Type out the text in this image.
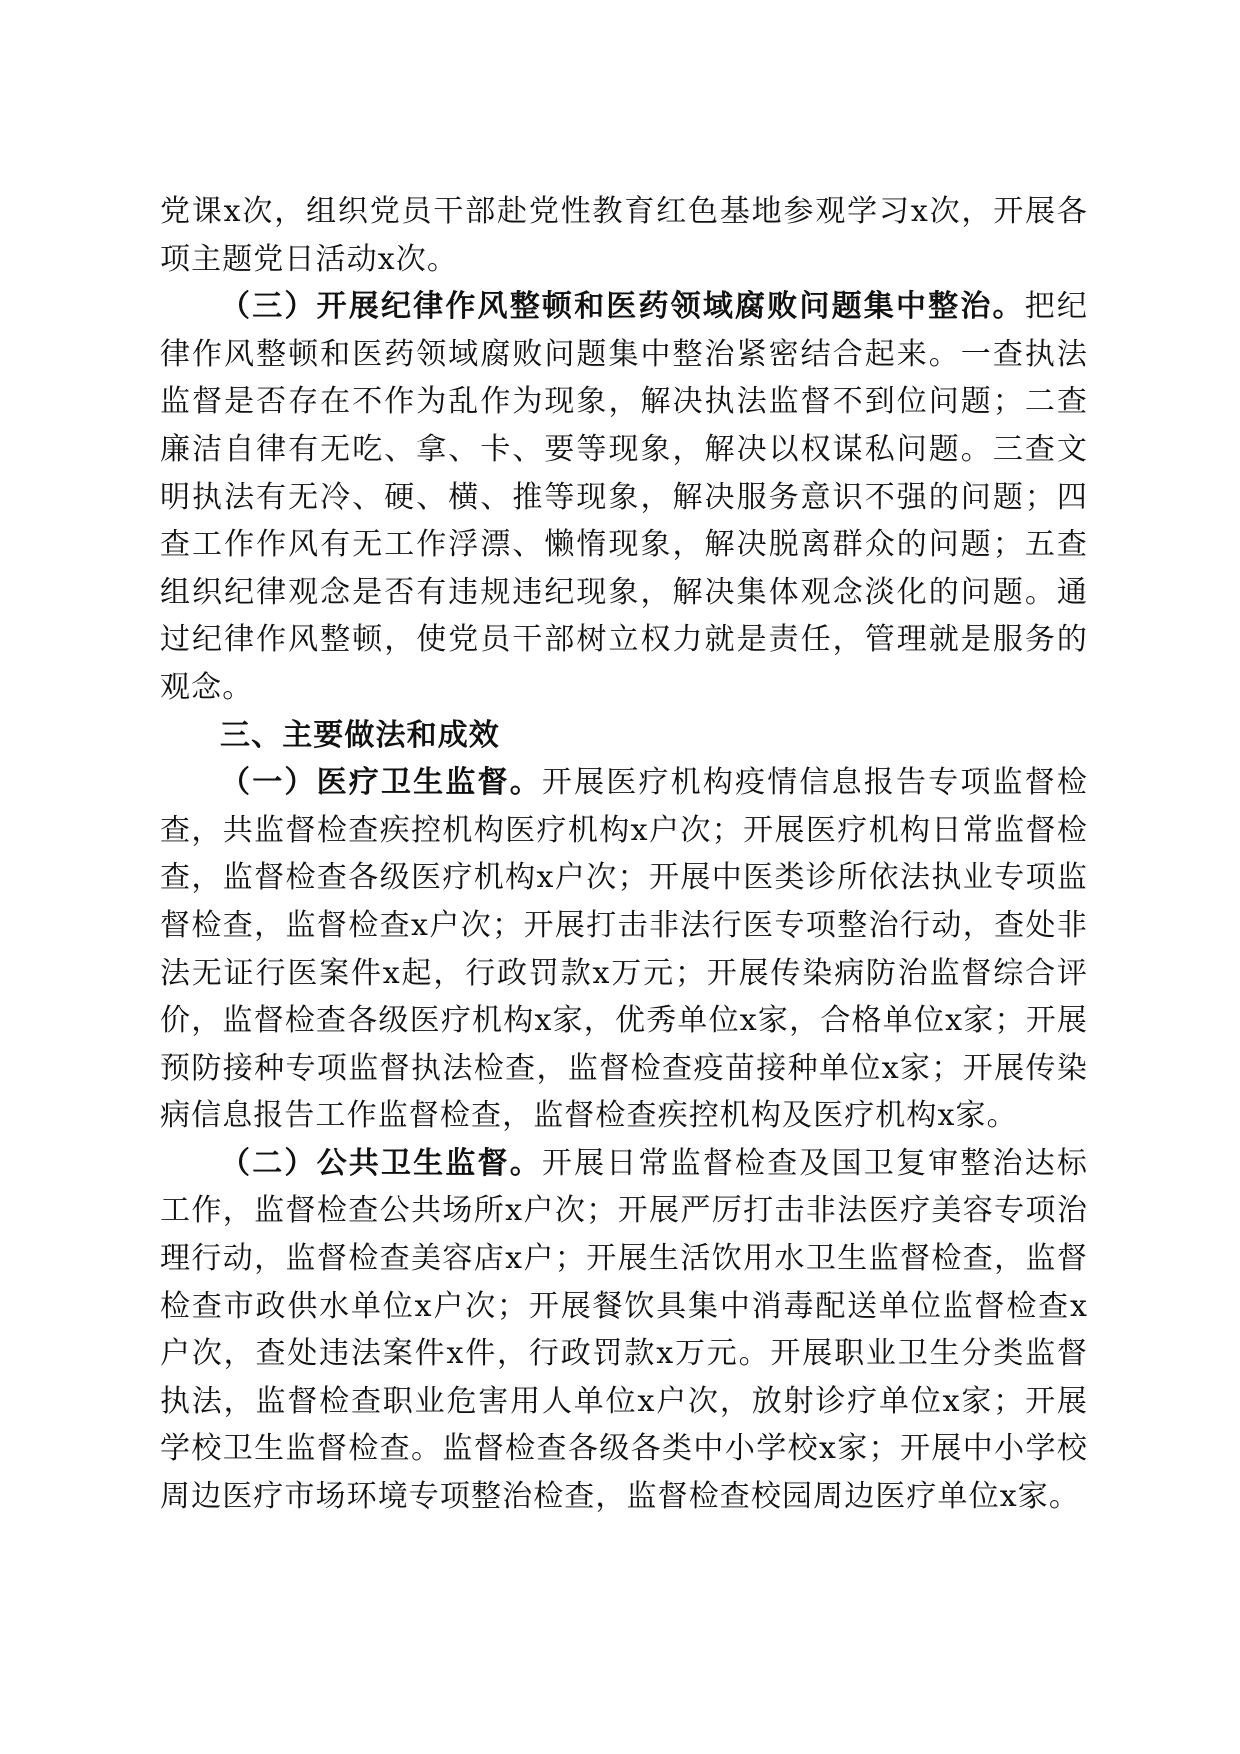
党课x次，组织党员干部赴党性教育红色基地参观学习x次，开展各项主题党日活动x次。

（三）开展纪律作风整顿和医药领域腐败问题集中整治。把纪律作风整顿和医药领域腐败问题集中整治紧密结合起来。一查执法监督是否存在不作为乱作为现象，解决执法监督不到位问题；二查廉洁自律有无吃、拿、卡、要等现象，解决以权谋私问题。三查文明执法有无冷、硬、横、推等现象，解决服务意识不强的问题；四查工作作风有无工作浮漂、懒惰现象，解决脱离群众的问题；五查组织纪律观念是否有违规违纪现象，解决集体观念淡化的问题。通过纪律作风整顿，使党员干部树立权力就是责任，管理就是服务的观念。

三、主要做法和成效

（一）医疗卫生监督。开展医疗机构疫情信息报告专项监督检查，共监督检查疾控机构医疗机构x户次；开展医疗机构日常监督检查，监督检查各级医疗机构x户次；开展中医类诊所依法执业专项监督检查，监督检查x户次；开展打击非法行医专项整治行动，查处非法无证行医案件x起，行政罚款x万元；开展传染病防治监督综合评价，监督检查各级医疗机构x家，优秀单位x家，合格单位x家；开展预防接种专项监督执法检查，监督检查疫苗接种单位x家；开展传染病信息报告工作监督检查，监督检查疾控机构及医疗机构x家。

（二）公共卫生监督。开展日常监督检查及国卫复审整治达标工作，监督检查公共场所x户次；开展严厉打击非法医疗美容专项治理行动，监督检查美容店x户；开展生活饮用水卫生监督检查，监督检查市政供水单位x户次；开展餐饮具集中消毒配送单位监督检查x户次，查处违法案件x件，行政罚款x万元。开展职业卫生分类监督执法，监督检查职业危害用人单位x户次，放射诊疗单位x家；开展学校卫生监督检查。监督检查各级各类中小学校x家；开展中小学校周边医疗市场环境专项整治检查，监督检查校园周边医疗单位x家。
